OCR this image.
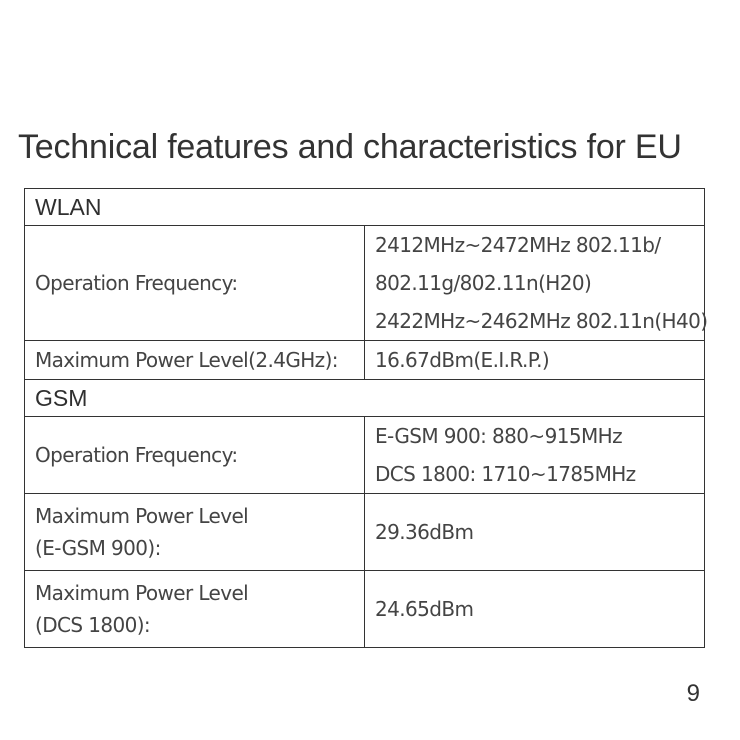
Technical features and characteristics for EU
WLAN	
Operation Frequency:	2412MHz~2472MHz 802.11b/
802.11g/802.11n(H20)
2422MHz~2462MHz 802.11n(H40)

Maximum Power Level(2.4GHz):	16.67dBm(E.I.R.P.)
GSM	
Operation Frequency:	E-GSM 900: 880~915MHz
DCS 1800: 1710~1785MHz

Maximum Power Level
(E-GSM 900):	29.36dBm

Maximum Power Level
(DCS 1800):	24.65dBm
9
